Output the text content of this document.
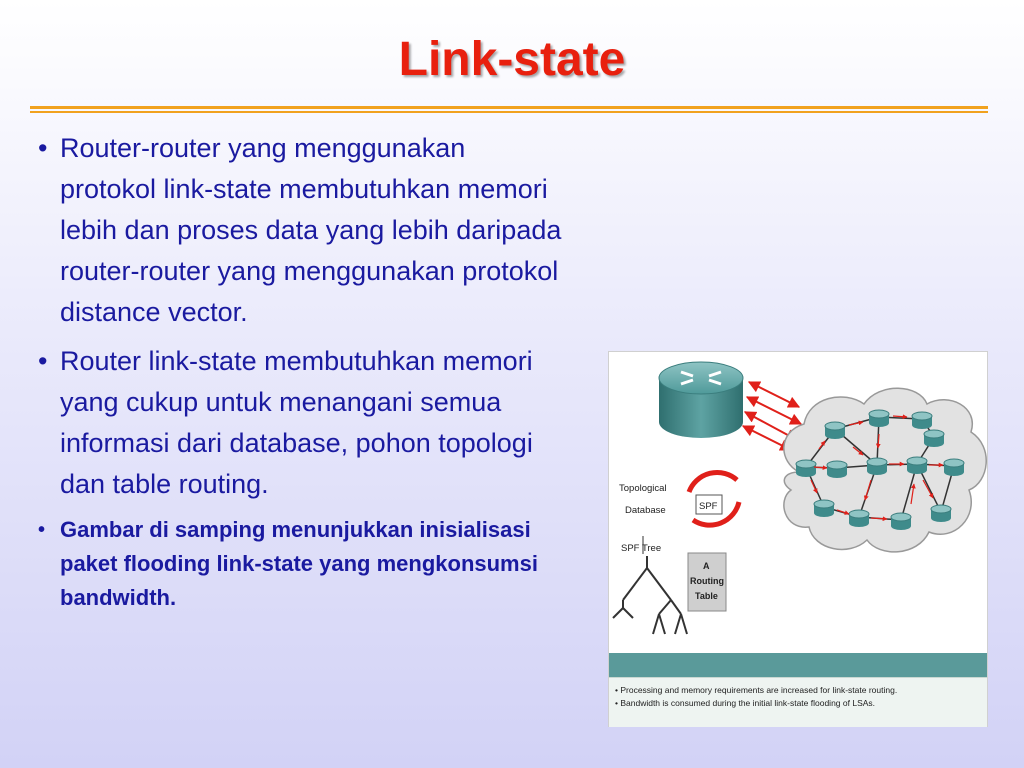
Link-state
• Router-router yang menggunakan protokol link-state membutuhkan memori lebih dan proses data yang lebih daripada router-router yang menggunakan protokol distance vector.
• Router link-state membutuhkan memori yang cukup untuk menangani semua informasi dari database, pohon topologi dan table routing.
• Gambar di samping menunjukkan inisialisasi paket flooding link-state yang mengkonsumsi bandwidth.
Topological
Database	SPF
SPF Tree
A
Routing
Table
• Processing and memory requirements are increased for link-state routing.
• Bandwidth is consumed during the initial link-state flooding of LSAs.
